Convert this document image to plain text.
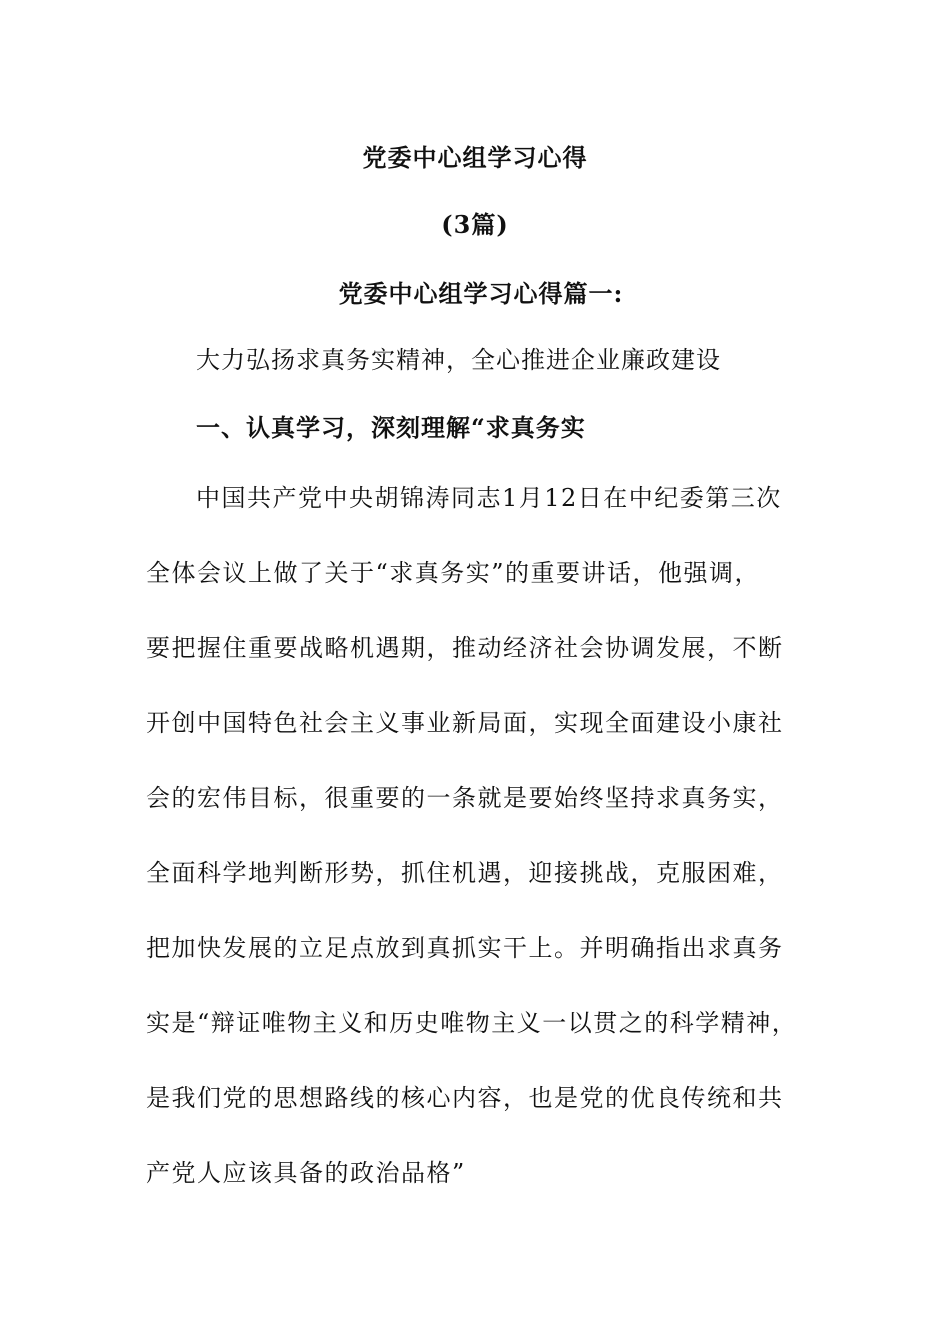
党委中心组学习心得
(3篇)
党委中心组学习心得篇一:
大力弘扬求真务实精神，全心推进企业廉政建设
一、认真学习，深刻理解“求真务实
中国共产党中央胡锦涛同志1月12日在中纪委第三次
全体会议上做了关于“求真务实”的重要讲话，他强调，
要把握住重要战略机遇期，推动经济社会协调发展，不断
开创中国特色社会主义事业新局面，实现全面建设小康社
会的宏伟目标，很重要的一条就是要始终坚持求真务实，
全面科学地判断形势，抓住机遇，迎接挑战，克服困难，
把加快发展的立足点放到真抓实干上。并明确指出求真务
实是“辩证唯物主义和历史唯物主义一以贯之的科学精神，
是我们党的思想路线的核心内容，也是党的优良传统和共
产党人应该具备的政治品格”
